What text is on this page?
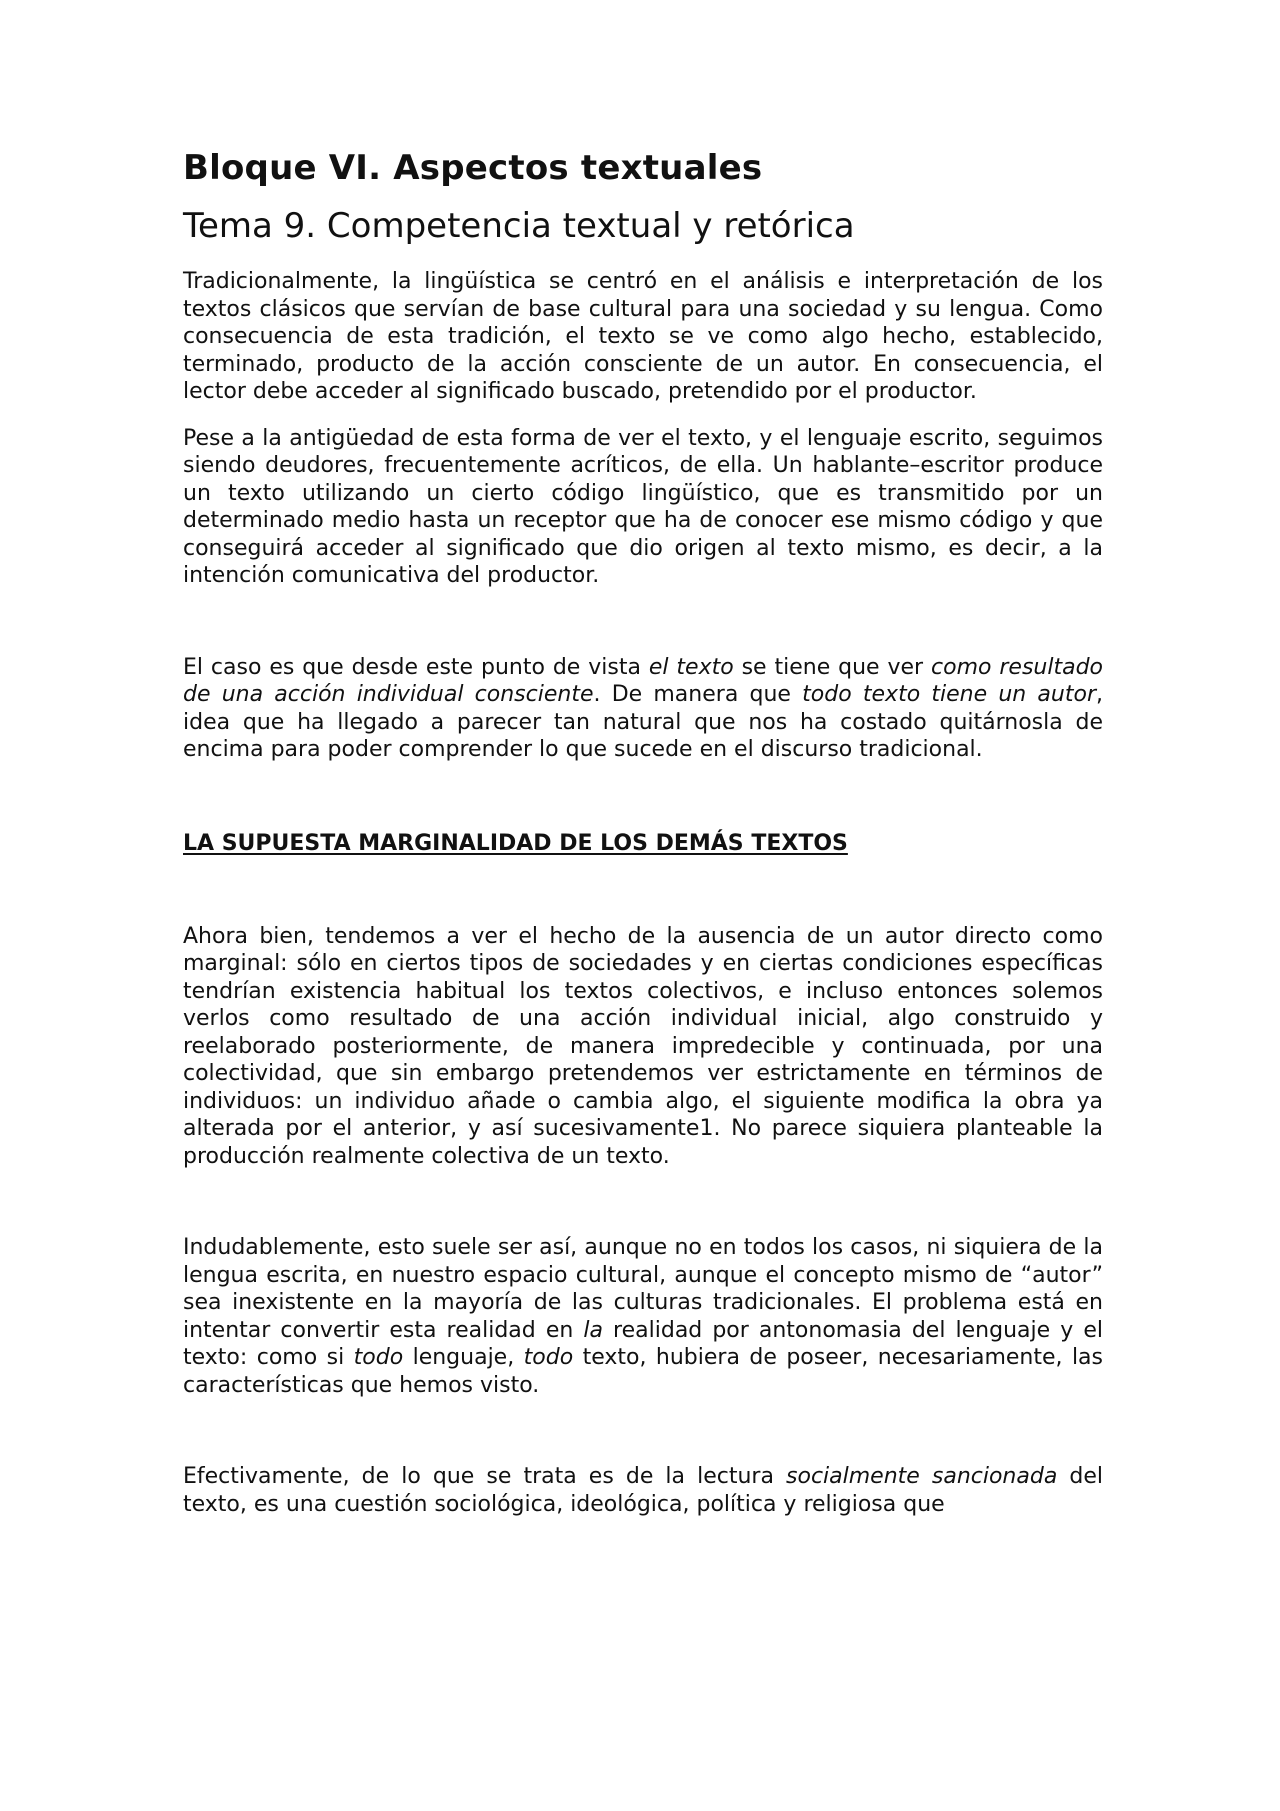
Bloque VI. Aspectos textuales
Tema 9. Competencia textual y retórica

Tradicionalmente, la lingüística se centró en el análisis e interpretación de los textos clásicos que servían de base cultural para una sociedad y su lengua. Como consecuencia de esta tradición, el texto se ve como algo hecho, establecido, terminado, producto de la acción consciente de un autor. En consecuencia, el lector debe acceder al significado buscado, pretendido por el productor.

Pese a la antigüedad de esta forma de ver el texto, y el lenguaje escrito, seguimos siendo deudores, frecuentemente acríticos, de ella. Un hablante–escritor produce un texto utilizando un cierto código lingüístico, que es transmitido por un determinado medio hasta un receptor que ha de conocer ese mismo código y que conseguirá acceder al significado que dio origen al texto mismo, es decir, a la intención comunicativa del productor.

El caso es que desde este punto de vista el texto se tiene que ver como resultado de una acción individual consciente. De manera que todo texto tiene un autor, idea que ha llegado a parecer tan natural que nos ha costado quitárnosla de encima para poder comprender lo que sucede en el discurso tradicional.

LA SUPUESTA MARGINALIDAD DE LOS DEMÁS TEXTOS

Ahora bien, tendemos a ver el hecho de la ausencia de un autor directo como marginal: sólo en ciertos tipos de sociedades y en ciertas condiciones específicas tendrían existencia habitual los textos colectivos, e incluso entonces solemos verlos como resultado de una acción individual inicial, algo construido y reelaborado posteriormente, de manera impredecible y continuada, por una colectividad, que sin embargo pretendemos ver estrictamente en términos de individuos: un individuo añade o cambia algo, el siguiente modifica la obra ya alterada por el anterior, y así sucesivamente1. No parece siquiera planteable la producción realmente colectiva de un texto.

Indudablemente, esto suele ser así, aunque no en todos los casos, ni siquiera de la lengua escrita, en nuestro espacio cultural, aunque el concepto mismo de “autor” sea inexistente en la mayoría de las culturas tradicionales. El problema está en intentar convertir esta realidad en la realidad por antonomasia del lenguaje y el texto: como si todo lenguaje, todo texto, hubiera de poseer, necesariamente, las características que hemos visto.

Efectivamente, de lo que se trata es de la lectura socialmente sancionada del texto, es una cuestión sociológica, ideológica, política y religiosa que
